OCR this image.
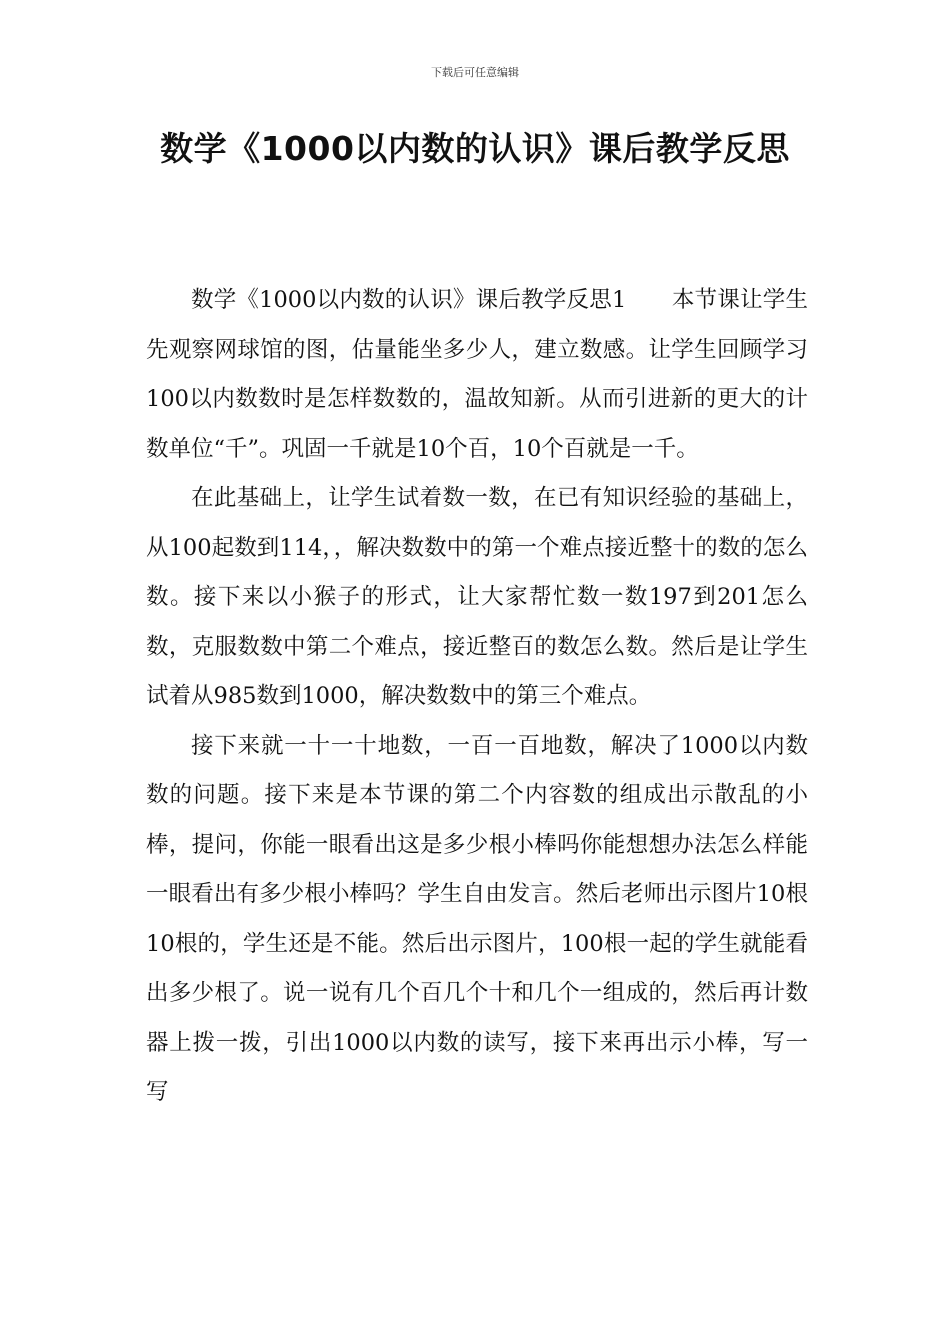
下载后可任意编辑
数学《1000以内数的认识》课后教学反思

数学《1000以内数的认识》课后教学反思1　　本节课让学生先观察网球馆的图，估量能坐多少人，建立数感。让学生回顾学习100以内数数时是怎样数数的，温故知新。从而引进新的更大的计数单位“千”。巩固一千就是10个百，10个百就是一千。

在此基础上，让学生试着数一数，在已有知识经验的基础上，从100起数到114，，解决数数中的第一个难点接近整十的数的怎么数。接下来以小猴子的形式，让大家帮忙数一数197到201怎么数，克服数数中第二个难点，接近整百的数怎么数。然后是让学生试着从985数到1000，解决数数中的第三个难点。

接下来就一十一十地数，一百一百地数，解决了1000以内数数的问题。接下来是本节课的第二个内容数的组成出示散乱的小棒，提问，你能一眼看出这是多少根小棒吗你能想想办法怎么样能一眼看出有多少根小棒吗？学生自由发言。然后老师出示图片10根10根的，学生还是不能。然后出示图片，100根一起的学生就能看出多少根了。说一说有几个百几个十和几个一组成的，然后再计数器上拨一拨，引出1000以内数的读写，接下来再出示小棒，写一写
